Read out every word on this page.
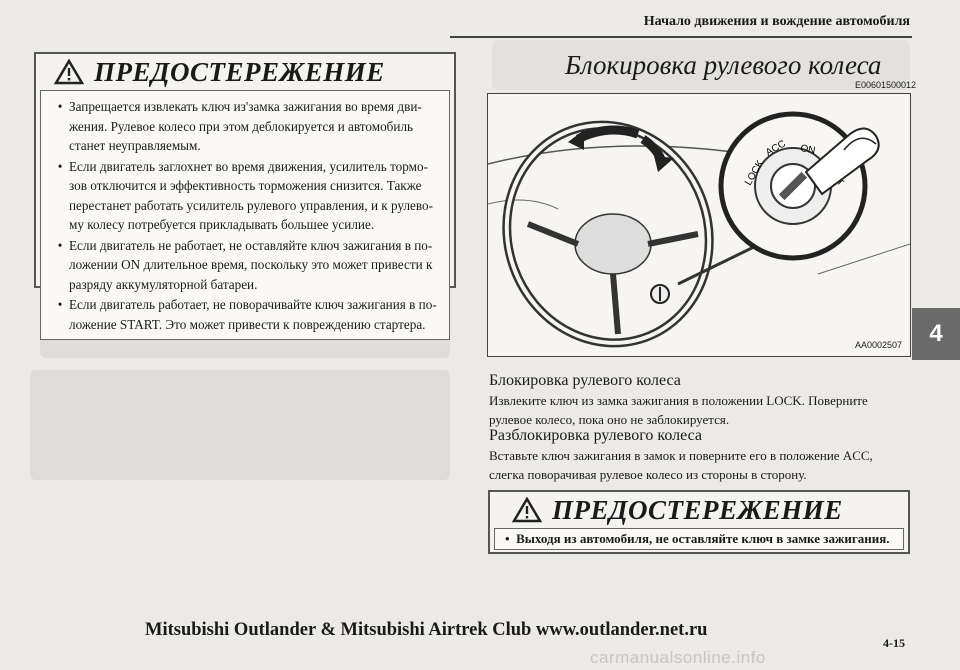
Начало движения и вождение автомобиля
4
ПРЕДОСТЕРЕЖЕНИЕ
• Запрещается извлекать ключ из'замка зажигания во время дви-жения. Рулевое колесо при этом деблокируется и автомобиль станет неуправляемым.
• Если двигатель заглохнет во время движения, усилитель тормо-зов отключится и эффективность торможения снизится. Также перестанет работать усилитель рулевого управления, и к рулево-му колесу потребуется прикладывать большее усилие.
• Если двигатель не работает, не оставляйте ключ зажигания в по-ложении ON длительное время, поскольку это может привести к разряду аккумуляторной батареи.
• Если двигатель работает, не поворачивайте ключ зажигания в по-ложение START. Это может привести к повреждению стартера.
Блокировка рулевого колеса
E00601500012
LOCK
ACC ON
AA0002507
Блокировка рулевого колеса
Извлеките ключ из замка зажигания в положении LOCK. Поверните рулевое колесо, пока оно не заблокируется.
Разблокировка рулевого колеса
Вставьте ключ зажигания в замок и поверните его в положение ACC, слегка поворачивая рулевое колесо из стороны в сторону.
ПРЕДОСТЕРЕЖЕНИЕ
•  Выходя из автомобиля, не оставляйте ключ в замке зажигания.
Mitsubishi Outlander & Mitsubishi Airtrek Club www.outlander.net.ru
4-15
carmanualsonline.info
